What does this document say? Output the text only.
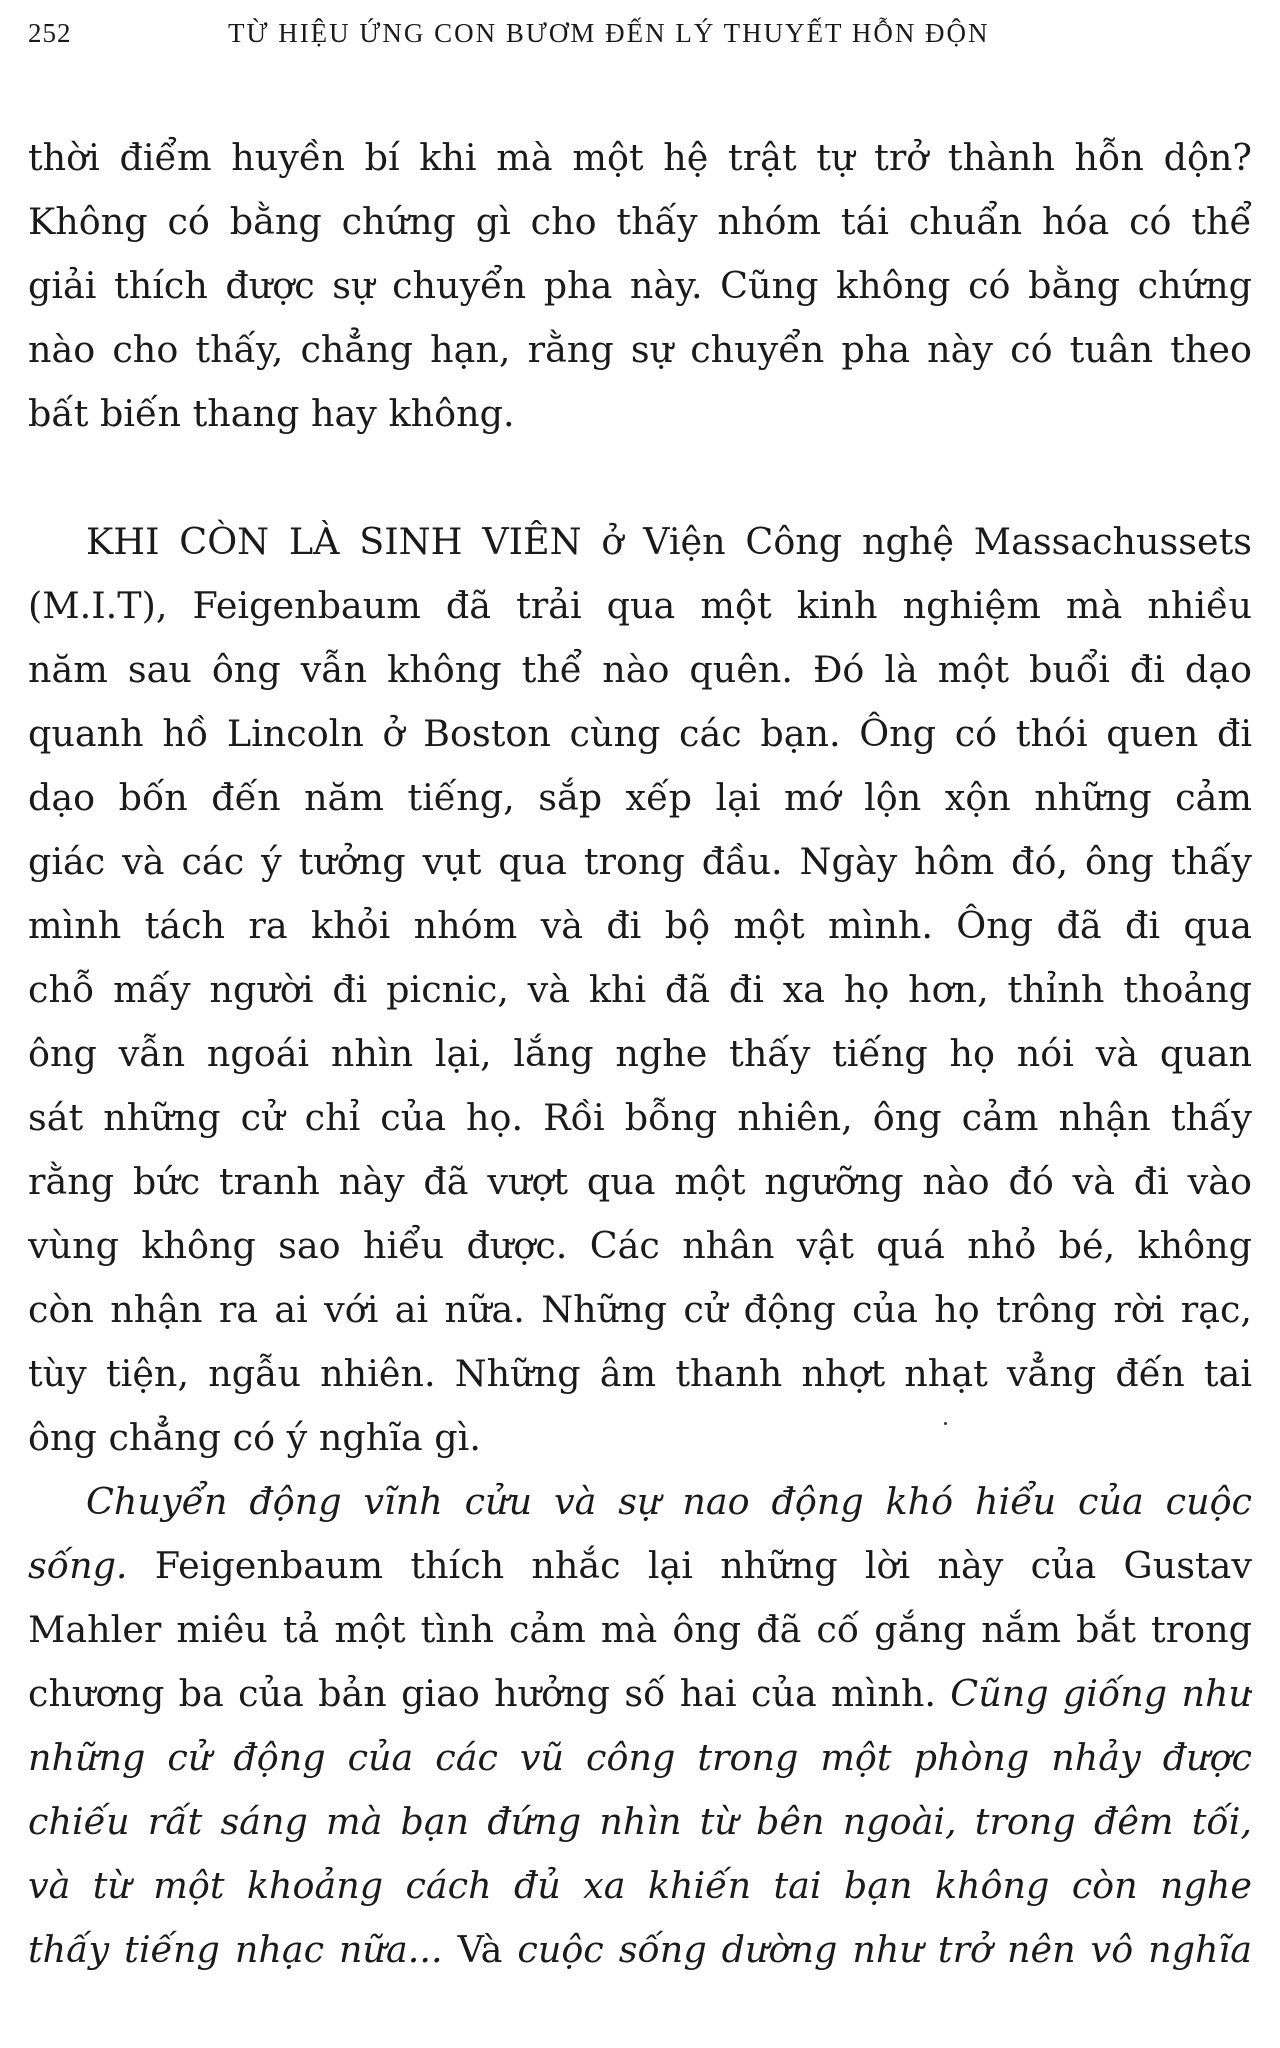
252	TỪ HIỆU ỨNG CON BƯƠM ĐẾN LÝ THUYẾT HỖN ĐỘN
thời điểm huyền bí khi mà một hệ trật tự trở thành hỗn dộn?
Không có bằng chứng gì cho thấy nhóm tái chuẩn hóa có thể
giải thích được sự chuyển pha này. Cũng không có bằng chứng
nào cho thấy, chẳng hạn, rằng sự chuyển pha này có tuân theo
bất biến thang hay không.
KHI CÒN LÀ SINH VIÊN ở Viện Công nghệ Massachussets
(M.I.T), Feigenbaum đã trải qua một kinh nghiệm mà nhiều
năm sau ông vẫn không thể nào quên. Đó là một buổi đi dạo
quanh hồ Lincoln ở Boston cùng các bạn. Ông có thói quen đi
dạo bốn đến năm tiếng, sắp xếp lại mớ lộn xộn những cảm
giác và các ý tưởng vụt qua trong đầu. Ngày hôm đó, ông thấy
mình tách ra khỏi nhóm và đi bộ một mình. Ông đã đi qua
chỗ mấy người đi picnic, và khi đã đi xa họ hơn, thỉnh thoảng
ông vẫn ngoái nhìn lại, lắng nghe thấy tiếng họ nói và quan
sát những cử chỉ của họ. Rồi bỗng nhiên, ông cảm nhận thấy
rằng bức tranh này đã vượt qua một ngưỡng nào đó và đi vào
vùng không sao hiểu được. Các nhân vật quá nhỏ bé, không
còn nhận ra ai với ai nữa. Những cử động của họ trông rời rạc,
tùy tiện, ngẫu nhiên. Những âm thanh nhợt nhạt vẳng đến tai
ông chẳng có ý nghĩa gì.
Chuyển động vĩnh cửu và sự nao động khó hiểu của cuộc
sống. Feigenbaum thích nhắc lại những lời này của Gustav
Mahler miêu tả một tình cảm mà ông đã cố gắng nắm bắt trong
chương ba của bản giao hưởng số hai của mình. Cũng giống như
những cử động của các vũ công trong một phòng nhảy được
chiếu rất sáng mà bạn đứng nhìn từ bên ngoài, trong đêm tối,
và từ một khoảng cách đủ xa khiến tai bạn không còn nghe
thấy tiếng nhạc nữa... Và cuộc sống dường như trở nên vô nghĩa
